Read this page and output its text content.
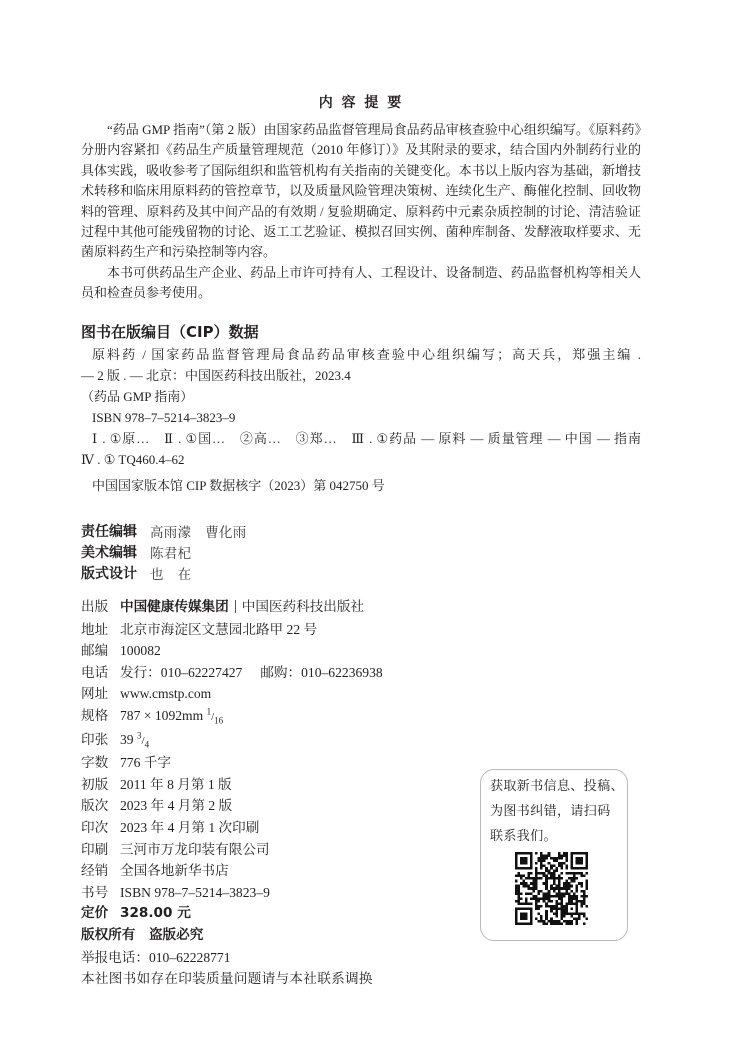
内 容 提 要

“药品 GMP 指南”（第 2 版）由国家药品监督管理局食品药品审核查验中心组织编写。《原料药》分册内容紧扣《药品生产质量管理规范（2010 年修订）》及其附录的要求，结合国内外制药行业的具体实践，吸收参考了国际组织和监管机构有关指南的关键变化。本书以上版内容为基础，新增技术转移和临床用原料药的管控章节，以及质量风险管理决策树、连续化生产、酶催化控制、回收物料的管理、原料药及其中间产品的有效期 / 复验期确定、原料药中元素杂质控制的讨论、清洁验证过程中其他可能残留物的讨论、返工工艺验证、模拟召回实例、菌种库制备、发酵液取样要求、无菌原料药生产和污染控制等内容。

本书可供药品生产企业、药品上市许可持有人、工程设计、设备制造、药品监督机构等相关人员和检查员参考使用。

图书在版编目（CIP）数据
原料药 / 国家药品监督管理局食品药品审核查验中心组织编写；高天兵，郑强主编 .
— 2 版 . — 北京：中国医药科技出版社，2023.4
（药品 GMP 指南）
ISBN 978–7–5214–3823–9
Ⅰ . ①原…　Ⅱ . ①国…　②高…　③郑…　Ⅲ . ①药品 — 原料 — 质量管理 — 中国 — 指南
Ⅳ . ① TQ460.4–62
中国国家版本馆 CIP 数据核字（2023）第 042750 号
责任编辑 高雨濛　曹化雨
美术编辑 陈君杞
版式设计 也　在
出版 中国健康传媒集团 中国医药科技出版社
地址 北京市海淀区文慧园北路甲 22 号
邮编 100082
电话 发行：010–62227427 邮购：010–62236938
网址 www.cmstp.com
规格 787 × 1092mm $^1/_{16}$
印张 39 $^3/_4$
字数 776 千字
初版 2011 年 8 月第 1 版
版次 2023 年 4 月第 2 版
印次 2023 年 4 月第 1 次印刷
印刷 三河市万龙印装有限公司
经销 全国各地新华书店
书号 ISBN 978–7–5214–3823–9
定价 328.00 元
版权所有　盗版必究
举报电话：010–62228771
本社图书如存在印装质量问题请与本社联系调换
获取新书信息、投稿、
为图书纠错，请扫码
联系我们。
